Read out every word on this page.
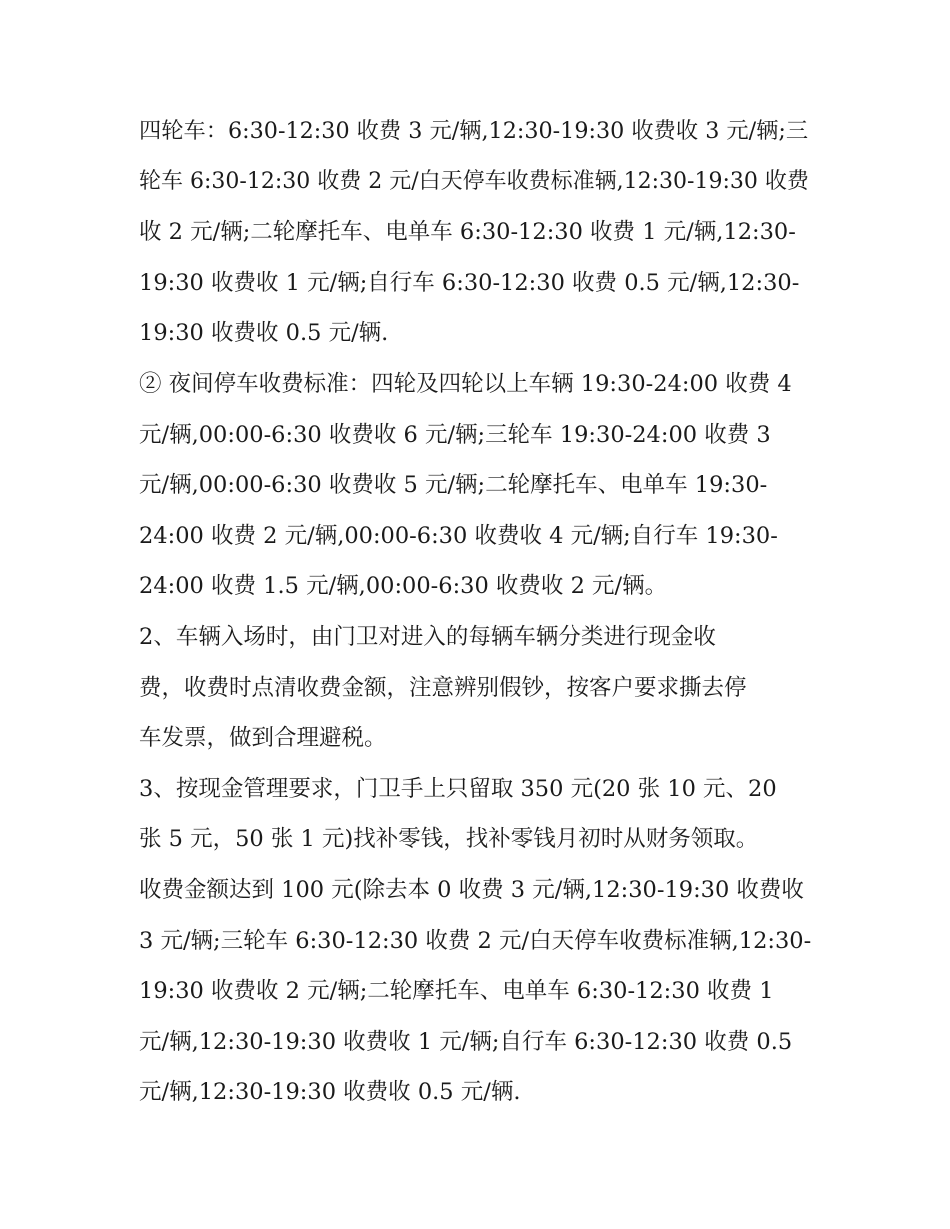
四轮车：6:30-12:30 收费 3 元/辆,12:30-19:30 收费收 3 元/辆;三
轮车 6:30-12:30 收费 2 元/白天停车收费标准辆,12:30-19:30 收费
收 2 元/辆;二轮摩托车、电单车 6:30-12:30 收费 1 元/辆,12:30-
19:30 收费收 1 元/辆;自行车 6:30-12:30 收费 0.5 元/辆,12:30-
19:30 收费收 0.5 元/辆.
② 夜间停车收费标准：四轮及四轮以上车辆 19:30-24:00 收费 4
元/辆,00:00-6:30 收费收 6 元/辆;三轮车 19:30-24:00 收费 3
元/辆,00:00-6:30 收费收 5 元/辆;二轮摩托车、电单车 19:30-
24:00 收费 2 元/辆,00:00-6:30 收费收 4 元/辆;自行车 19:30-
24:00 收费 1.5 元/辆,00:00-6:30 收费收 2 元/辆。
2、车辆入场时，由门卫对进入的每辆车辆分类进行现金收
费，收费时点清收费金额，注意辨别假钞，按客户要求撕去停
车发票，做到合理避税。
3、按现金管理要求，门卫手上只留取 350 元(20 张 10 元、20
张 5 元，50 张 1 元)找补零钱，找补零钱月初时从财务领取。
收费金额达到 100 元(除去本 0 收费 3 元/辆,12:30-19:30 收费收
3 元/辆;三轮车 6:30-12:30 收费 2 元/白天停车收费标准辆,12:30-
19:30 收费收 2 元/辆;二轮摩托车、电单车 6:30-12:30 收费 1
元/辆,12:30-19:30 收费收 1 元/辆;自行车 6:30-12:30 收费 0.5
元/辆,12:30-19:30 收费收 0.5 元/辆.
